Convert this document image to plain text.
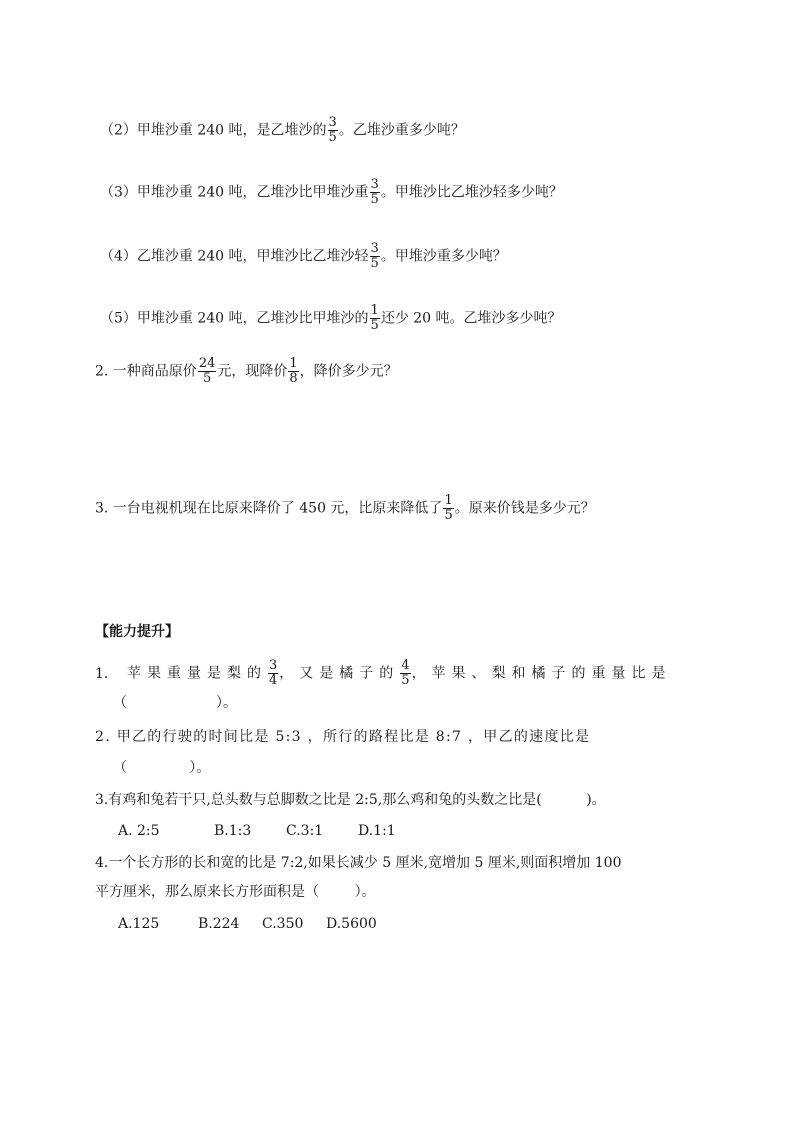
（2）甲堆沙重 240 吨，是乙堆沙的 $\frac{3}{5}$ 。乙堆沙重多少吨？
（3）甲堆沙重 240 吨，乙堆沙比甲堆沙重 $\frac{3}{5}$ 。甲堆沙比乙堆沙轻多少吨？
（4）乙堆沙重 240 吨，甲堆沙比乙堆沙轻 $\frac{3}{5}$ 。甲堆沙重多少吨？
（5）甲堆沙重 240 吨，乙堆沙比甲堆沙的 $\frac{1}{5}$ 还少 20 吨。乙堆沙多少吨？
2. 一种商品原价 $\frac{24}{5}$ 元，现降价 $\frac{1}{8}$ ，降价多少元？
3. 一台电视机现在比原来降价了 450 元，比原来降低了 $\frac{1}{5}$ 。原来价钱是多少元？
【能力提升】
1. 苹果重量是梨的 $\frac{3}{4}$ ，又是橘子的 $\frac{4}{5}$ ，苹果、梨和橘子的重量比是
（                    ）。
2. 甲乙的行驶的时间比是 5:3 ，所行的路程比是 8:7 ，甲乙的速度比是
（              ）。
3.有鸡和兔若干只,总头数与总脚数之比是 2:5,那么鸡和兔的头数之比是(          )。
A. 2:5	B.1:3 C.3:1 D.1:1
4.一个长方形的长和宽的比是 7:2,如果长减少 5 厘米,宽增加 5 厘米,则面积增加 100
平方厘米，那么原来长方形面积是（        ）。
A.125	B.224 C.350 D.5600
